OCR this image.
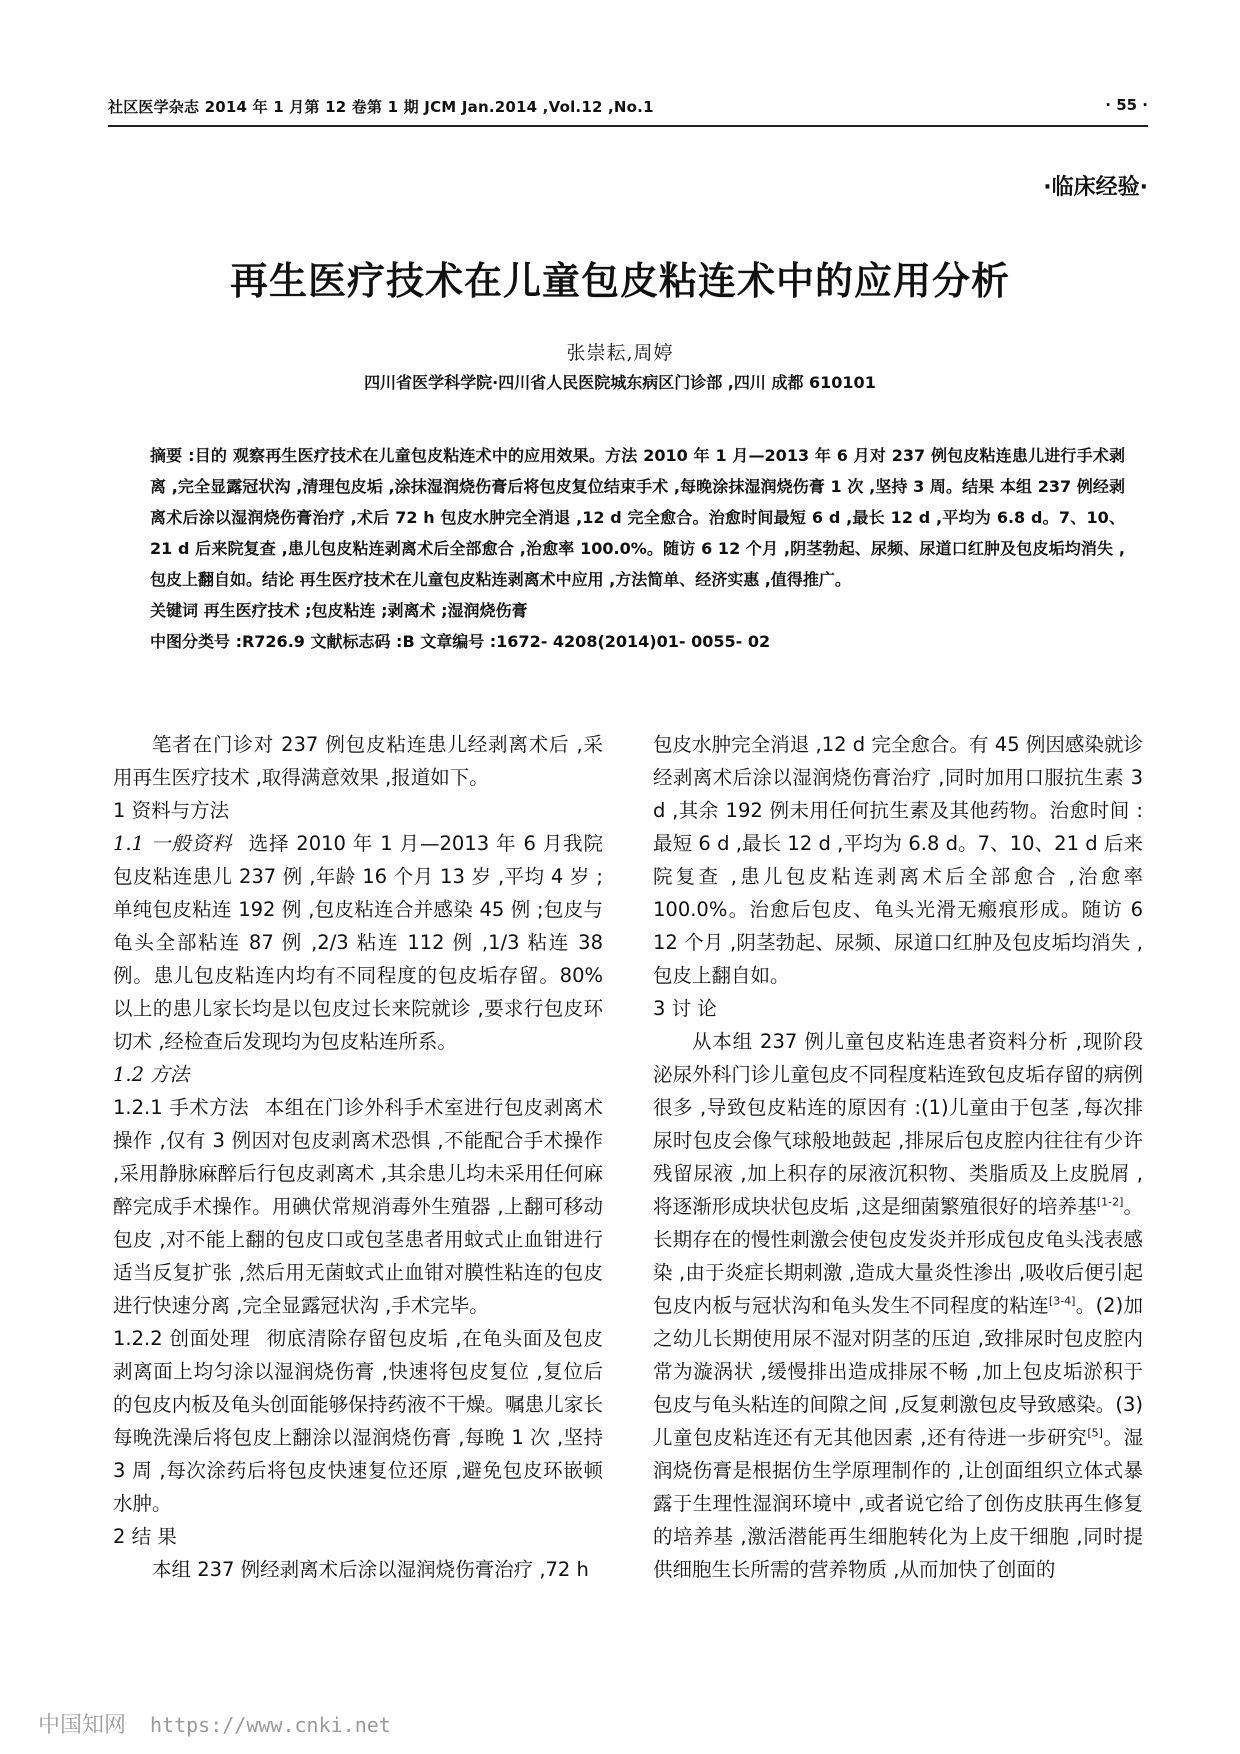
社区医学杂志 2014 年 1 月第 12 卷第 1 期 JCM Jan.2014 ,Vol.12 ,No.1	· 55 ·
·临床经验·
再生医疗技术在儿童包皮粘连术中的应用分析
张崇耘,周婷
四川省医学科学院·四川省人民医院城东病区门诊部 ,四川 成都 610101

摘要 :目的 观察再生医疗技术在儿童包皮粘连术中的应用效果。方法 2010 年 1 月—2013 年 6 月对 237 例包皮粘连患儿进行手术剥离 ,完全显露冠状沟 ,清理包皮垢 ,涂抹湿润烧伤膏后将包皮复位结束手术 ,每晚涂抹湿润烧伤膏 1 次 ,坚持 3 周。结果 本组 237 例经剥离术后涂以湿润烧伤膏治疗 ,术后 72 h 包皮水肿完全消退 ,12 d 完全愈合。治愈时间最短 6 d ,最长 12 d ,平均为 6.8 d。7、10、21 d 后来院复查 ,患儿包皮粘连剥离术后全部愈合 ,治愈率 100.0%。随访 6 12 个月 ,阴茎勃起、尿频、尿道口红肿及包皮垢均消失 ,包皮上翻自如。结论 再生医疗技术在儿童包皮粘连剥离术中应用 ,方法简单、经济实惠 ,值得推广。

关键词 再生医疗技术 ;包皮粘连 ;剥离术 ;湿润烧伤膏

中图分类号 :R726.9 文献标志码 :B 文章编号 :1672- 4208(2014)01- 0055- 02

笔者在门诊对 237 例包皮粘连患儿经剥离术后 ,采用再生医疗技术 ,取得满意效果 ,报道如下。

1 资料与方法

1.1 一般资料 选择 2010 年 1 月—2013 年 6 月我院包皮粘连患儿 237 例 ,年龄 16 个月 13 岁 ,平均 4 岁 ;单纯包皮粘连 192 例 ,包皮粘连合并感染 45 例 ;包皮与龟头全部粘连 87 例 ,2/3 粘连 112 例 ,1/3 粘连 38 例。患儿包皮粘连内均有不同程度的包皮垢存留。80% 以上的患儿家长均是以包皮过长来院就诊 ,要求行包皮环切术 ,经检查后发现均为包皮粘连所系。

1.2 方法

1.2.1 手术方法 本组在门诊外科手术室进行包皮剥离术操作 ,仅有 3 例因对包皮剥离术恐惧 ,不能配合手术操作 ,采用静脉麻醉后行包皮剥离术 ,其余患儿均未采用任何麻醉完成手术操作。用碘伏常规消毒外生殖器 ,上翻可移动包皮 ,对不能上翻的包皮口或包茎患者用蚊式止血钳进行适当反复扩张 ,然后用无菌蚊式止血钳对膜性粘连的包皮进行快速分离 ,完全显露冠状沟 ,手术完毕。

1.2.2 创面处理 彻底清除存留包皮垢 ,在龟头面及包皮剥离面上均匀涂以湿润烧伤膏 ,快速将包皮复位 ,复位后的包皮内板及龟头创面能够保持药液不干燥。嘱患儿家长每晚洗澡后将包皮上翻涂以湿润烧伤膏 ,每晚 1 次 ,坚持 3 周 ,每次涂药后将包皮快速复位还原 ,避免包皮环嵌顿水肿。

2 结 果

本组 237 例经剥离术后涂以湿润烧伤膏治疗 ,72 h

包皮水肿完全消退 ,12 d 完全愈合。有 45 例因感染就诊经剥离术后涂以湿润烧伤膏治疗 ,同时加用口服抗生素 3 d ,其余 192 例未用任何抗生素及其他药物。治愈时间 :最短 6 d ,最长 12 d ,平均为 6.8 d。7、10、21 d 后来院复查 ,患儿包皮粘连剥离术后全部愈合 ,治愈率 100.0%。治愈后包皮、龟头光滑无瘢痕形成。随访 6 12 个月 ,阴茎勃起、尿频、尿道口红肿及包皮垢均消失 ,包皮上翻自如。

3 讨 论

从本组 237 例儿童包皮粘连患者资料分析 ,现阶段泌尿外科门诊儿童包皮不同程度粘连致包皮垢存留的病例很多 ,导致包皮粘连的原因有 :(1)儿童由于包茎 ,每次排尿时包皮会像气球般地鼓起 ,排尿后包皮腔内往往有少许残留尿液 ,加上积存的尿液沉积物、类脂质及上皮脱屑 ,将逐渐形成块状包皮垢 ,这是细菌繁殖很好的培养基[1-2]。长期存在的慢性刺激会使包皮发炎并形成包皮龟头浅表感染 ,由于炎症长期刺激 ,造成大量炎性渗出 ,吸收后便引起包皮内板与冠状沟和龟头发生不同程度的粘连[3-4]。(2)加之幼儿长期使用尿不湿对阴茎的压迫 ,致排尿时包皮腔内常为漩涡状 ,缓慢排出造成排尿不畅 ,加上包皮垢淤积于包皮与龟头粘连的间隙之间 ,反复刺激包皮导致感染。(3)儿童包皮粘连还有无其他因素 ,还有待进一步研究[5]。湿润烧伤膏是根据仿生学原理制作的 ,让创面组织立体式暴露于生理性湿润环境中 ,或者说它给了创伤皮肤再生修复的培养基 ,激活潜能再生细胞转化为上皮干细胞 ,同时提供细胞生长所需的营养物质 ,从而加快了创面的

中国知网 https://www.cnki.net
